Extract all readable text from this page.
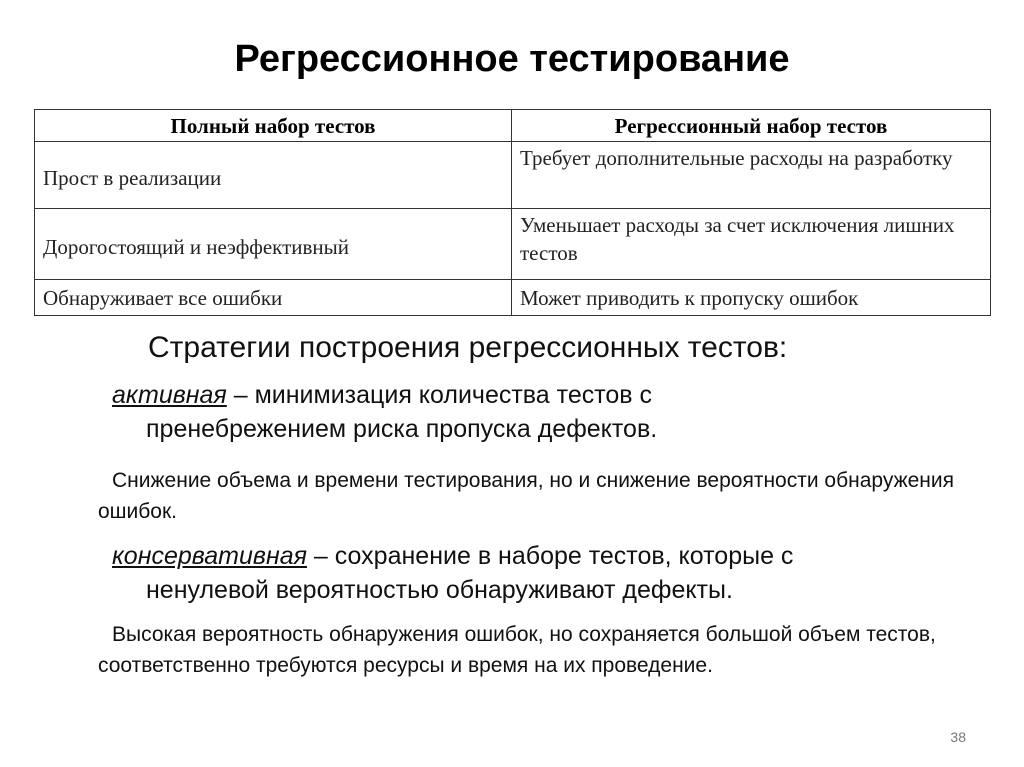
Регрессионное тестирование
Полный набор тестов	Регрессионный набор тестов
Прост в реализации	Требует дополнительные расходы на разработку
Дорогостоящий и неэффективный	Уменьшает расходы за счет исключения лишних тестов
Обнаруживает все ошибки	Может приводить к пропуску ошибок
Стратегии построения регрессионных тестов:
активная – минимизация количества тестов с
пренебрежением риска пропуска дефектов.
Снижение объема и времени тестирования, но и снижение вероятности обнаружения ошибок.
консервативная – сохранение в наборе тестов, которые с
ненулевой вероятностью обнаруживают дефекты.
Высокая вероятность обнаружения ошибок, но сохраняется большой объем тестов, соответственно требуются ресурсы и время на их проведение.
38
